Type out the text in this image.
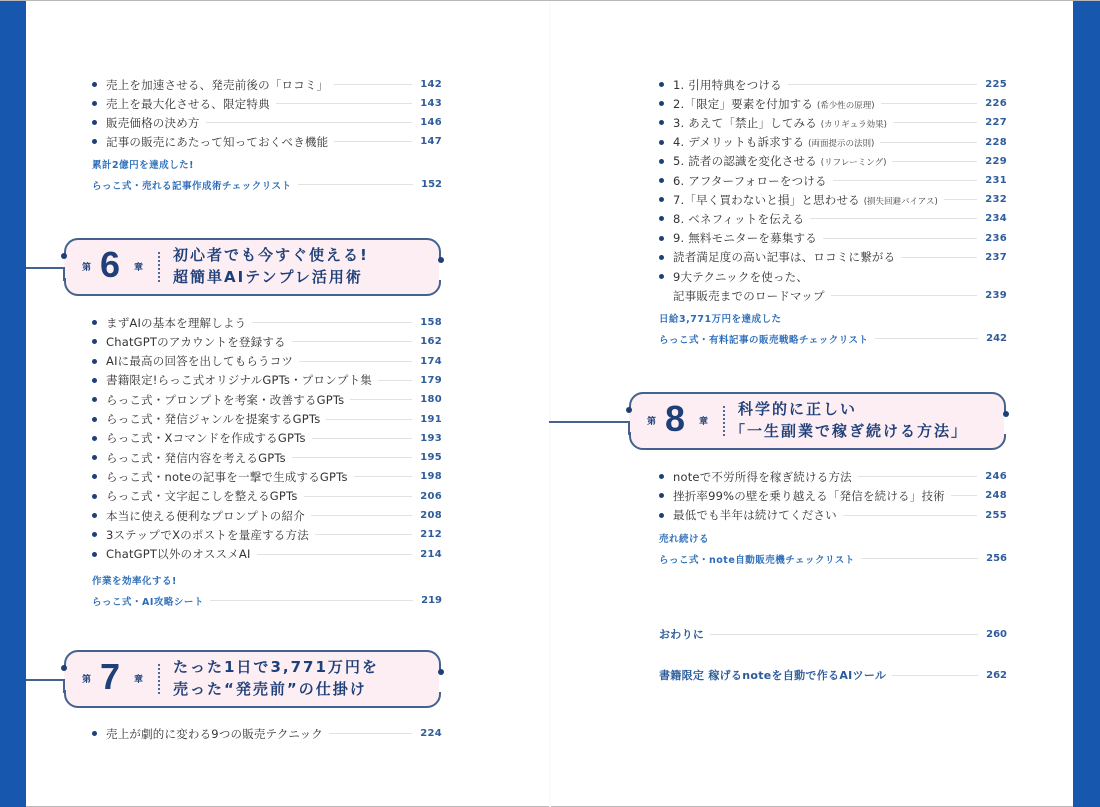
売上を加速させる、発売前後の「ロコミ」	142
売上を最大化させる、限定特典	143
販売価格の決め方	146
記事の販売にあたって知っておくべき機能	147
累計2億円を達成した!
らっこ式・売れる記事作成術チェックリスト	152
第 6 章
初心者でも今すぐ使える!
超簡単AIテンプレ活用術
まずAIの基本を理解しよう	158
ChatGPTのアカウントを登録する	162
AIに最高の回答を出してもらうコツ	174
書籍限定!らっこ式オリジナルGPTs・プロンプト集	179
らっこ式・プロンプトを考案・改善するGPTs	180
らっこ式・発信ジャンルを提案するGPTs	191
らっこ式・Xコマンドを作成するGPTs	193
らっこ式・発信内容を考えるGPTs	195
らっこ式・noteの記事を一撃で生成するGPTs	198
らっこ式・文字起こしを整えるGPTs	206
本当に使える便利なプロンプトの紹介	208
3ステップでXのポストを量産する方法	212
ChatGPT以外のオススメAI	214
作業を効率化する!
らっこ式・AI攻略シート	219
第 7 章
たった1日で3,771万円を
売った“発売前”の仕掛け
売上が劇的に変わる9つの販売テクニック	224
1. 引用特典をつける	225
2.「限定」要素を付加する (希少性の原理)	226
3. あえて「禁止」してみる (カリギュラ効果)	227
4. デメリットも訴求する (両面提示の法則)	228
5. 読者の認識を変化させる (リフレーミング)	229
6. アフターフォローをつける	231
7.「早く買わないと損」と思わせる (損失回避バイアス)	232
8. ベネフィットを伝える	234
9. 無料モニターを募集する	236
読者満足度の高い記事は、ロコミに繋がる	237
9大テクニックを使った、
記事販売までのロードマップ	239
日給3,771万円を達成した
らっこ式・有料記事の販売戦略チェックリスト	242
第 8 章
科学的に正しい
「一生副業で稼ぎ続ける方法」
noteで不労所得を稼ぎ続ける方法	246
挫折率99%の壁を乗り越える「発信を続ける」技術	248
最低でも半年は続けてください	255
売れ続ける
らっこ式・note自動販売機チェックリスト	256
おわりに	260
書籍限定 稼げるnoteを自動で作るAIツール	262
